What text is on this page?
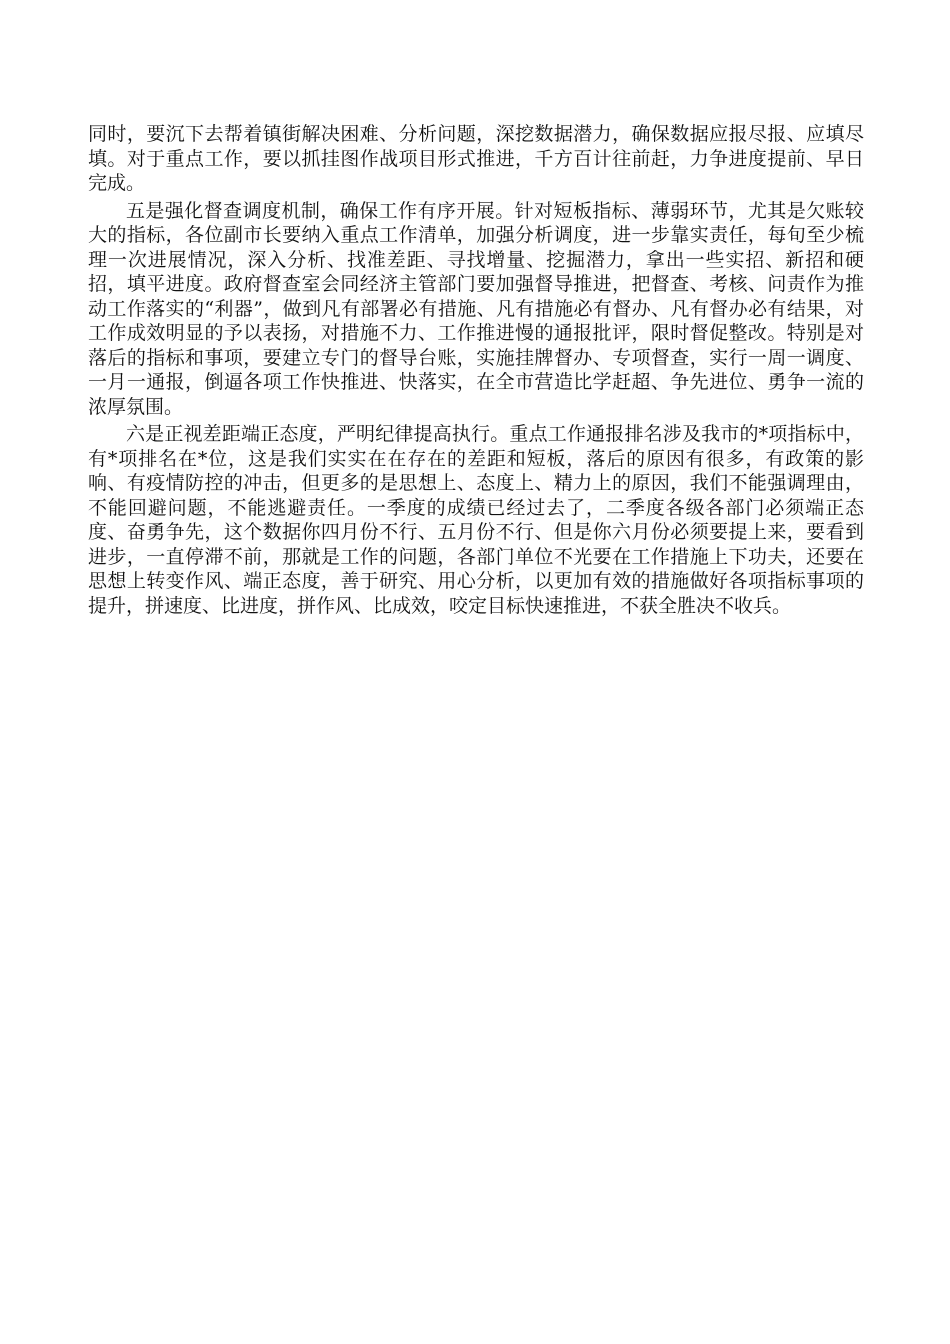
同时，要沉下去帮着镇街解决困难、分析问题，深挖数据潜力，确保数据应报尽报、应填尽填。对于重点工作，要以抓挂图作战项目形式推进，千方百计往前赶，力争进度提前、早日完成。

五是强化督查调度机制，确保工作有序开展。针对短板指标、薄弱环节，尤其是欠账较大的指标，各位副市长要纳入重点工作清单，加强分析调度，进一步靠实责任，每旬至少梳理一次进展情况，深入分析、找准差距、寻找增量、挖掘潜力，拿出一些实招、新招和硬招，填平进度。政府督查室会同经济主管部门要加强督导推进，把督查、考核、问责作为推动工作落实的“利器”，做到凡有部署必有措施、凡有措施必有督办、凡有督办必有结果，对工作成效明显的予以表扬，对措施不力、工作推进慢的通报批评，限时督促整改。特别是对落后的指标和事项，要建立专门的督导台账，实施挂牌督办、专项督查，实行一周一调度、一月一通报，倒逼各项工作快推进、快落实，在全市营造比学赶超、争先进位、勇争一流的浓厚氛围。

六是正视差距端正态度，严明纪律提高执行。重点工作通报排名涉及我市的*项指标中，有*项排名在*位，这是我们实实在在存在的差距和短板，落后的原因有很多，有政策的影响、有疫情防控的冲击，但更多的是思想上、态度上、精力上的原因，我们不能强调理由，不能回避问题，不能逃避责任。一季度的成绩已经过去了，二季度各级各部门必须端正态度、奋勇争先，这个数据你四月份不行、五月份不行、但是你六月份必须要提上来，要看到进步，一直停滞不前，那就是工作的问题，各部门单位不光要在工作措施上下功夫，还要在思想上转变作风、端正态度，善于研究、用心分析，以更加有效的措施做好各项指标事项的提升，拼速度、比进度，拼作风、比成效，咬定目标快速推进，不获全胜决不收兵。
